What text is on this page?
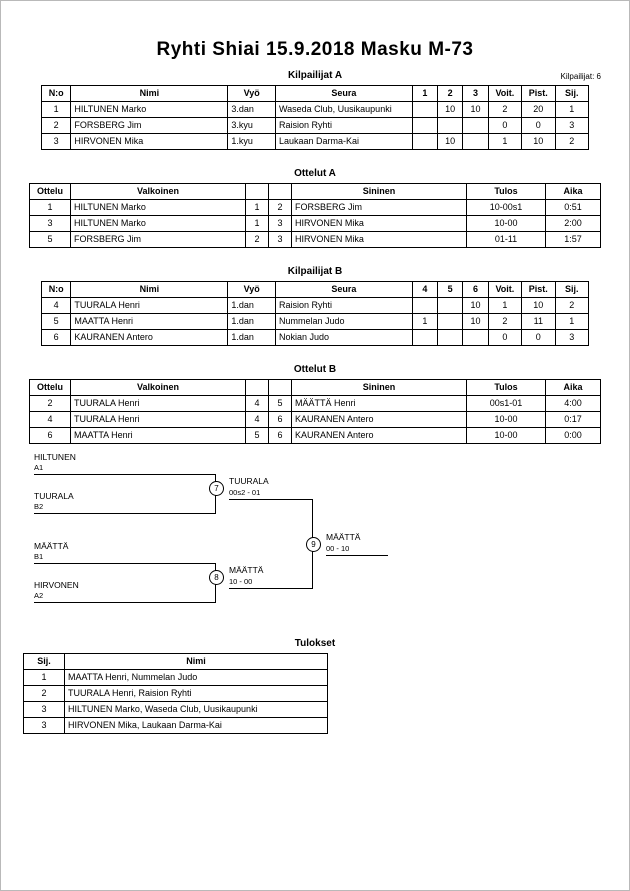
Ryhti Shiai 15.9.2018 Masku M-73
Kilpailijat A	Kilpailijat: 6
N:o	Nimi	Vyö	Seura	1	2	3	Voit.	Pist.	Sij.
1	HILTUNEN Marko	3.dan	Waseda Club, Uusikaupunki		10	10	2	20	1
2	FORSBERG Jim	3.kyu	Raision Ryhti				0	0	3
3	HIRVONEN Mika	1.kyu	Laukaan Darma-Kai		10		1	10	2
Ottelut A
Ottelu	Valkoinen			Sininen	Tulos	Aika
1	HILTUNEN Marko	1	2	FORSBERG Jim	10-00s1	0:51
3	HILTUNEN Marko	1	3	HIRVONEN Mika	10-00	2:00
5	FORSBERG Jim	2	3	HIRVONEN Mika	01-11	1:57
Kilpailijat B
N:o	Nimi	Vyö	Seura	4	5	6	Voit.	Pist.	Sij.
4	TUURALA Henri	1.dan	Raision Ryhti			10	1	10	2
5	MAATTA Henri	1.dan	Nummelan Judo	1		10	2	11	1
6	KAURANEN Antero	1.dan	Nokian Judo				0	0	3
Ottelut B
Ottelu	Valkoinen			Sininen	Tulos	Aika
2	TUURALA Henri	4	5	MÄÄTTÄ Henri	00s1-01	4:00
4	TUURALA Henri	4	6	KAURANEN Antero	10-00	0:17
6	MAATTA Henri	5	6	KAURANEN Antero	10-00	0:00
HILTUNEN
A1
TUURALA
B2
7
TUURALA
00s2 - 01
MÄÄTTÄ
B1
HIRVONEN
A2
8
MÄÄTTÄ
10 - 00
9
MÄÄTTÄ
00 - 10
Tulokset
Sij.	Nimi
1	MAATTA Henri, Nummelan Judo
2	TUURALA Henri, Raision Ryhti
3	HILTUNEN Marko, Waseda Club, Uusikaupunki
3	HIRVONEN Mika, Laukaan Darma-Kai
